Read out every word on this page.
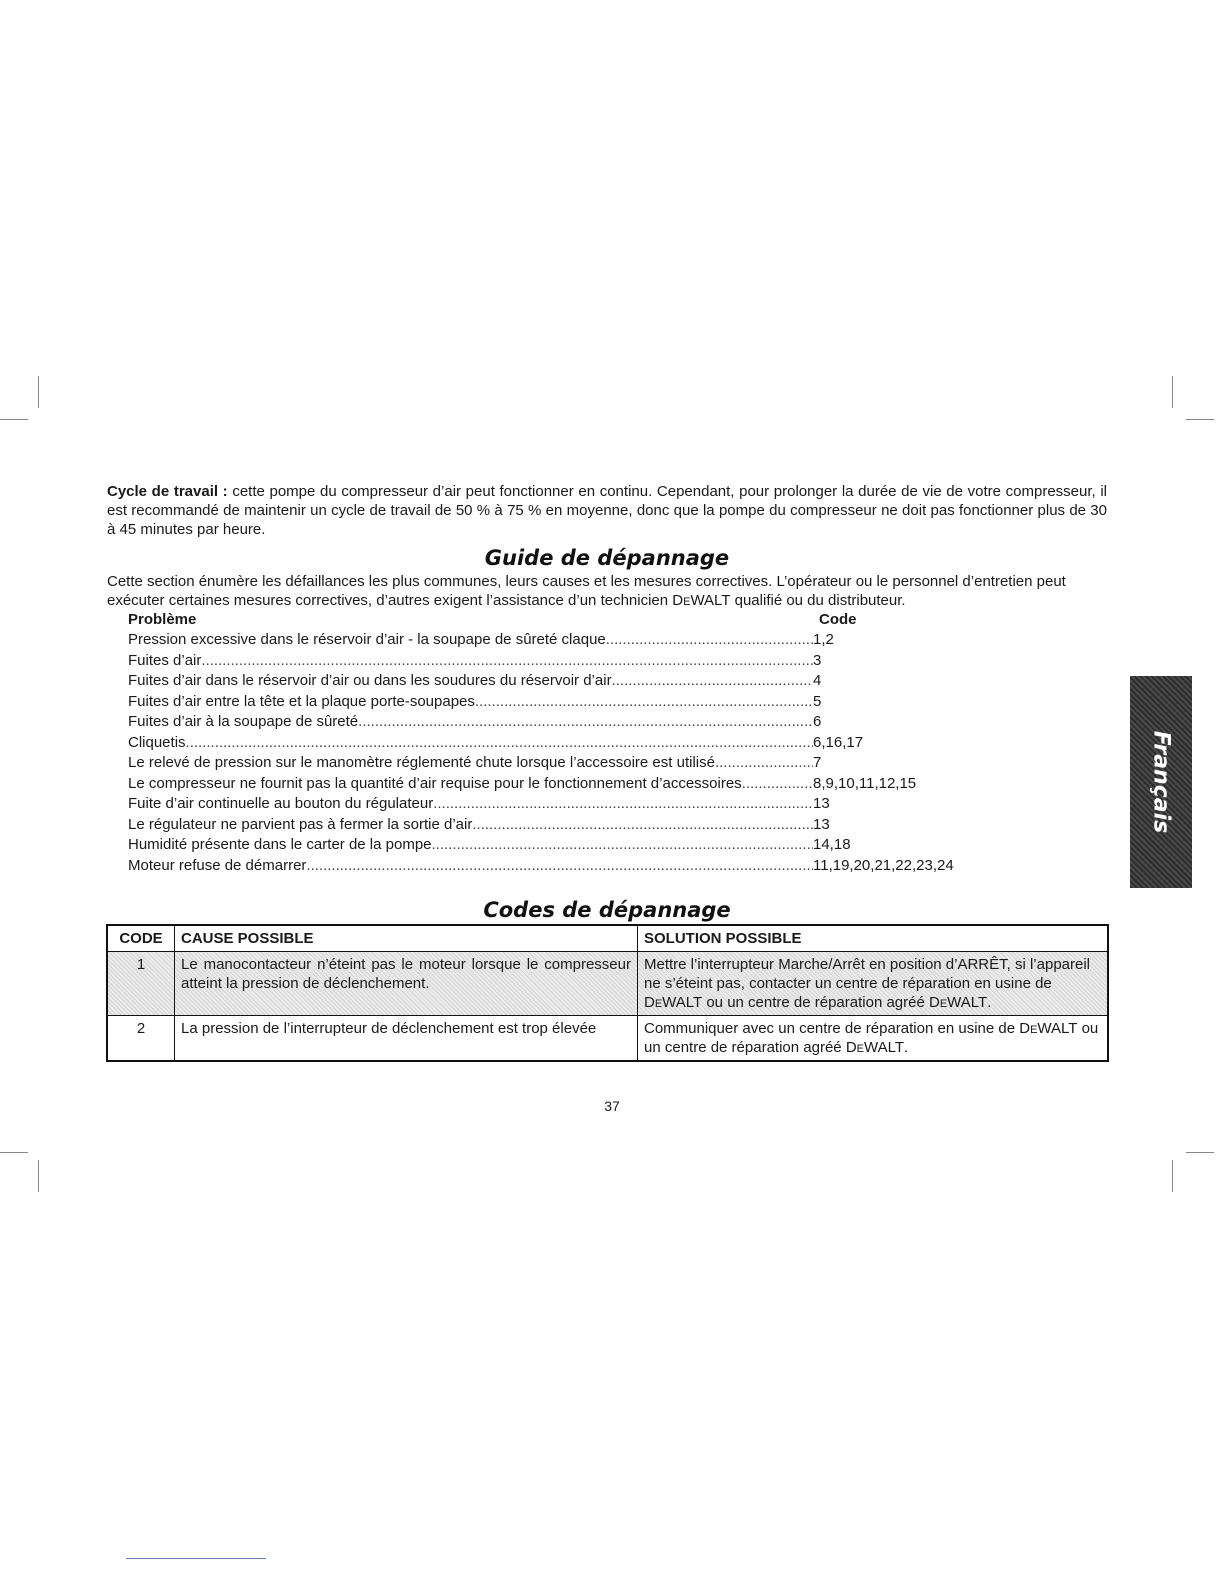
Cycle de travail : cette pompe du compresseur d’air peut fonctionner en continu. Cependant, pour prolonger la durée de vie de votre compresseur, il est recommandé de maintenir un cycle de travail de 50 % à 75 % en moyenne, donc que la pompe du compresseur ne doit pas fonctionner plus de 30 à 45 minutes par heure.

Guide de dépannage

Cette section énumère les défaillances les plus communes, leurs causes et les mesures correctives. L’opérateur ou le personnel d’entretien peut exécuter certaines mesures correctives, d’autres exigent l’assistance d’un technicien DeWALT qualifié ou du distributeur.

Problème	Code
Pression excessive dans le réservoir d’air - la soupape de sûreté claque .....	1,2
Fuites d’air .....	3
Fuites d’air dans le réservoir d’air ou dans les soudures du réservoir d’air .....	4
Fuites d’air entre la tête et la plaque porte-soupapes .....	5
Fuites d’air à la soupape de sûreté .....	6
Cliquetis .....	6,16,17
Le relevé de pression sur le manomètre réglementé chute lorsque l’accessoire est utilisé .....	7
Le compresseur ne fournit pas la quantité d’air requise pour le fonctionnement d’accessoires .....	8,9,10,11,12,15
Fuite d’air continuelle au bouton du régulateur .....	13
Le régulateur ne parvient pas à fermer la sortie d’air .....	13
Humidité présente dans le carter de la pompe .....	14,18
Moteur refuse de démarrer .....	11,19,20,21,22,23,24
Codes de dépannage
CODE	CAUSE POSSIBLE	SOLUTION POSSIBLE
1	Le manocontacteur n’éteint pas le moteur lorsque le compresseur atteint la pression de déclenchement.	Mettre l’interrupteur Marche/Arrêt en position d’ARRÊT, si l’appareil ne s’éteint pas, contacter un centre de réparation en usine de DeWALT ou un centre de réparation agréé DeWALT.
2	La pression de l’interrupteur de déclenchement est trop élevée	Communiquer avec un centre de réparation en usine de DeWALT ou un centre de réparation agréé DeWALT.
37
Français
